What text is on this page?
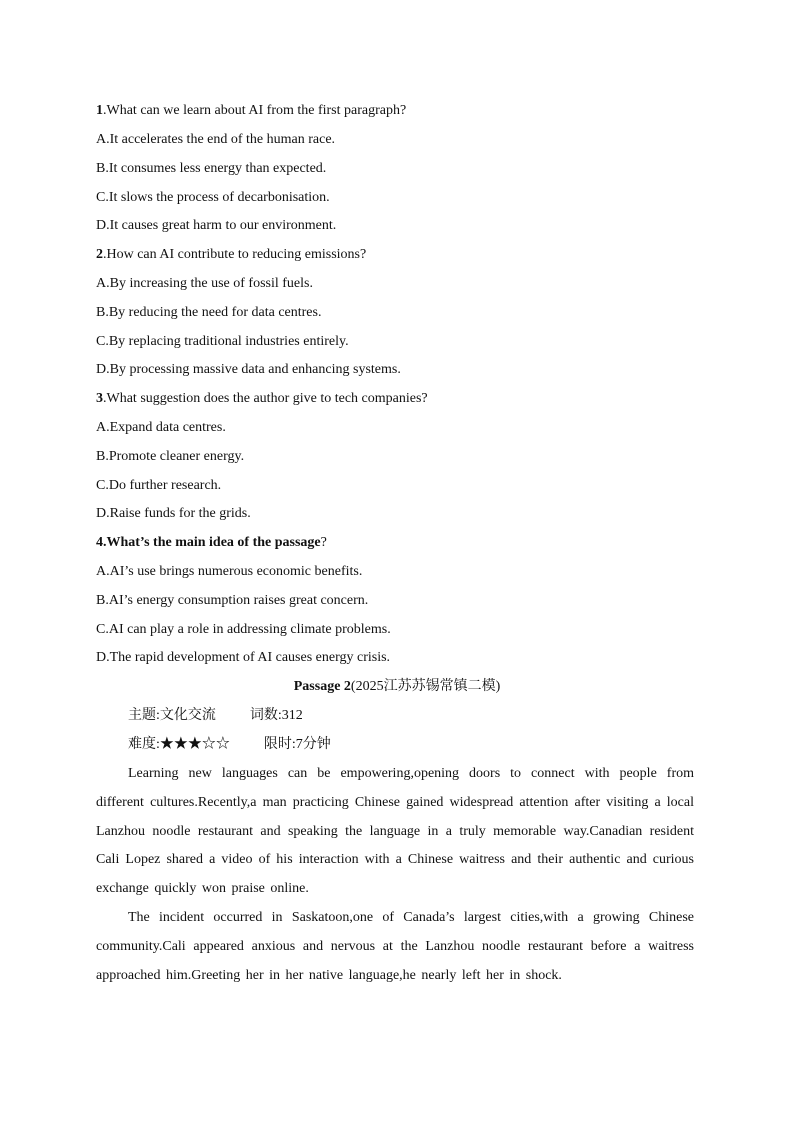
1.What can we learn about AI from the first paragraph?
A.It accelerates the end of the human race.
B.It consumes less energy than expected.
C.It slows the process of decarbonisation.
D.It causes great harm to our environment.
2.How can AI contribute to reducing emissions?
A.By increasing the use of fossil fuels.
B.By reducing the need for data centres.
C.By replacing traditional industries entirely.
D.By processing massive data and enhancing systems.
3.What suggestion does the author give to tech companies?
A.Expand data centres.
B.Promote cleaner energy.
C.Do further research.
D.Raise funds for the grids.
4.What’s the main idea of the passage?
A.AI’s use brings numerous economic benefits.
B.AI’s energy consumption raises great concern.
C.AI can play a role in addressing climate problems.
D.The rapid development of AI causes energy crisis.
Passage 2(2025江苏苏锡常镇二模)
主题:文化交流 词数:312
难度:★★★☆☆ 限时:7分钟
Learning new languages can be empowering,opening doors to connect with people from different cultures.Recently,a man practicing Chinese gained widespread attention after visiting a local Lanzhou noodle restaurant and speaking the language in a truly memorable way.Canadian resident Cali Lopez shared a video of his interaction with a Chinese waitress and their authentic and curious exchange quickly won praise online.
The incident occurred in Saskatoon,one of Canada’s largest cities,with a growing Chinese community.Cali appeared anxious and nervous at the Lanzhou noodle restaurant before a waitress approached him.Greeting her in her native language,he nearly left her in shock.
